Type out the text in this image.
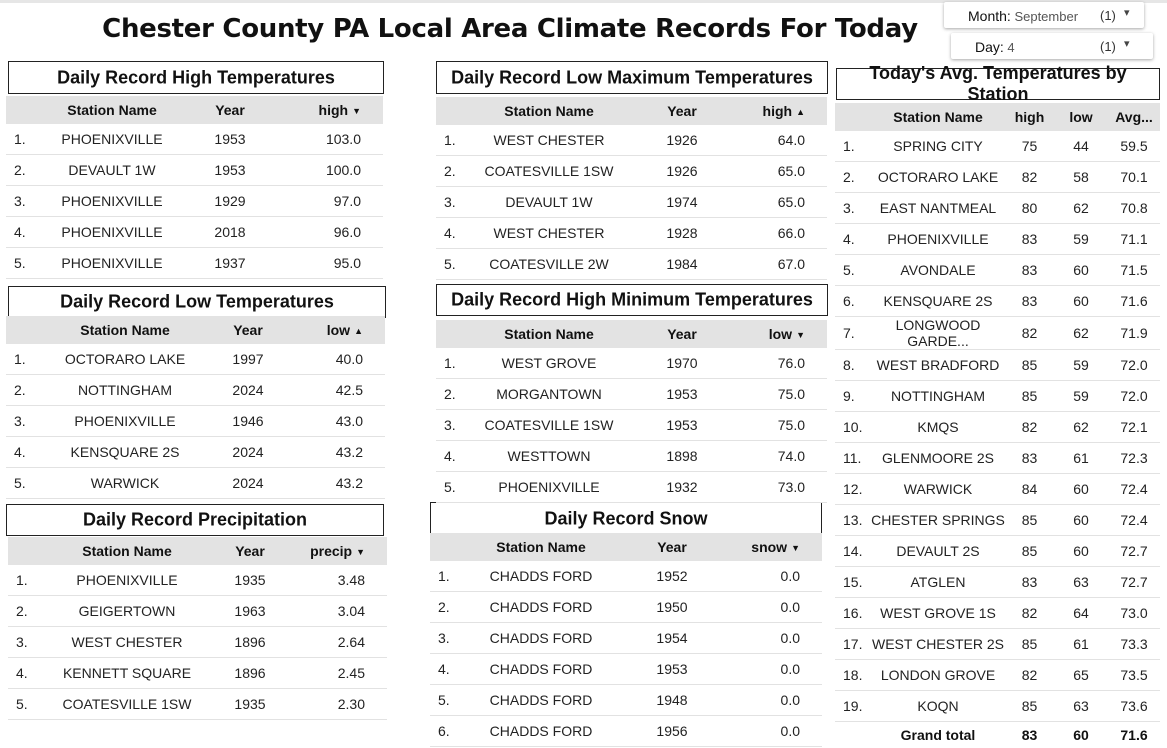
Chester County PA Local Area Climate Records For Today	Month: September (1) ▾
Day: 4	(1) ▾
Daily Record High Temperatures
Daily Record Low Temperatures
Daily Record Precipitation
Daily Record Low Maximum Temperatures
Daily Record High Minimum Temperatures
Daily Record Snow
Today's Avg. Temperatures by Station
	Station Name	Year	high ▼
1.	PHOENIXVILLE	1953	103.0
2.	DEVAULT 1W	1953	100.0
3.	PHOENIXVILLE	1929	97.0
4.	PHOENIXVILLE	2018	96.0
5.	PHOENIXVILLE	1937	95.0
	Station Name	Year	low ▲
1.	OCTORARO LAKE	1997	40.0
2.	NOTTINGHAM	2024	42.5
3.	PHOENIXVILLE	1946	43.0
4.	KENSQUARE 2S	2024	43.2
5.	WARWICK	2024	43.2
	Station Name	Year	precip ▼
1.	PHOENIXVILLE	1935	3.48
2.	GEIGERTOWN	1963	3.04
3.	WEST CHESTER	1896	2.64
4.	KENNETT SQUARE	1896	2.45
5.	COATESVILLE 1SW	1935	2.30
	Station Name	Year	high ▲
1.	WEST CHESTER	1926	64.0
2.	COATESVILLE 1SW	1926	65.0
3.	DEVAULT 1W	1974	65.0
4.	WEST CHESTER	1928	66.0
5.	COATESVILLE 2W	1984	67.0
	Station Name	Year	low ▼
1.	WEST GROVE	1970	76.0
2.	MORGANTOWN	1953	75.0
3.	COATESVILLE 1SW	1953	75.0
4.	WESTTOWN	1898	74.0
5.	PHOENIXVILLE	1932	73.0
	Station Name	Year	snow ▼
1.	CHADDS FORD	1952	0.0
2.	CHADDS FORD	1950	0.0
3.	CHADDS FORD	1954	0.0
4.	CHADDS FORD	1953	0.0
5.	CHADDS FORD	1948	0.0
6.	CHADDS FORD	1956	0.0
	Station Name	high	low	Avg...
1.	SPRING CITY	75	44	59.5
2.	OCTORARO LAKE	82	58	70.1
3.	EAST NANTMEAL	80	62	70.8
4.	PHOENIXVILLE	83	59	71.1
5.	AVONDALE	83	60	71.5
6.	KENSQUARE 2S	83	60	71.6
7.	LONGWOOD GARDE...	82	62	71.9
8.	WEST BRADFORD	85	59	72.0
9.	NOTTINGHAM	85	59	72.0
10.	KMQS	82	62	72.1
11.	GLENMOORE 2S	83	61	72.3
12.	WARWICK	84	60	72.4
13.	CHESTER SPRINGS	85	60	72.4
14.	DEVAULT 2S	85	60	72.7
15.	ATGLEN	83	63	72.7
16.	WEST GROVE 1S	82	64	73.0
17.	WEST CHESTER 2S	85	61	73.3
18.	LONDON GROVE	82	65	73.5
19.	KOQN	85	63	73.6
	Grand total	83	60	71.6
